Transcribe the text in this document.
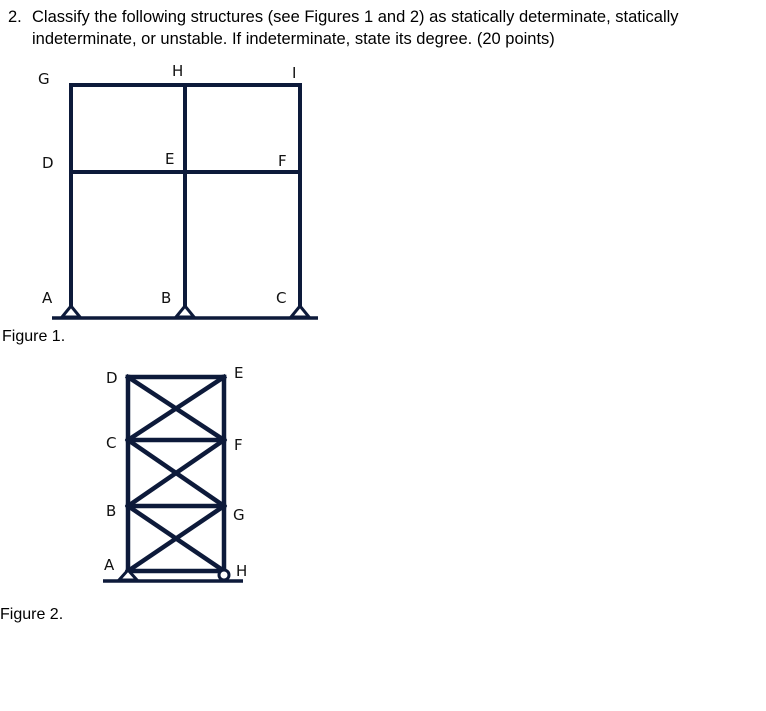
2. Classify the following structures (see Figures 1 and 2) as statically determinate, statically
indeterminate, or unstable. If indeterminate, state its degree. (20 points)

G	H	I
D	E	F
A	B	C

Figure 1.

D
C
B
A
E
F
G
H

Figure 2.
